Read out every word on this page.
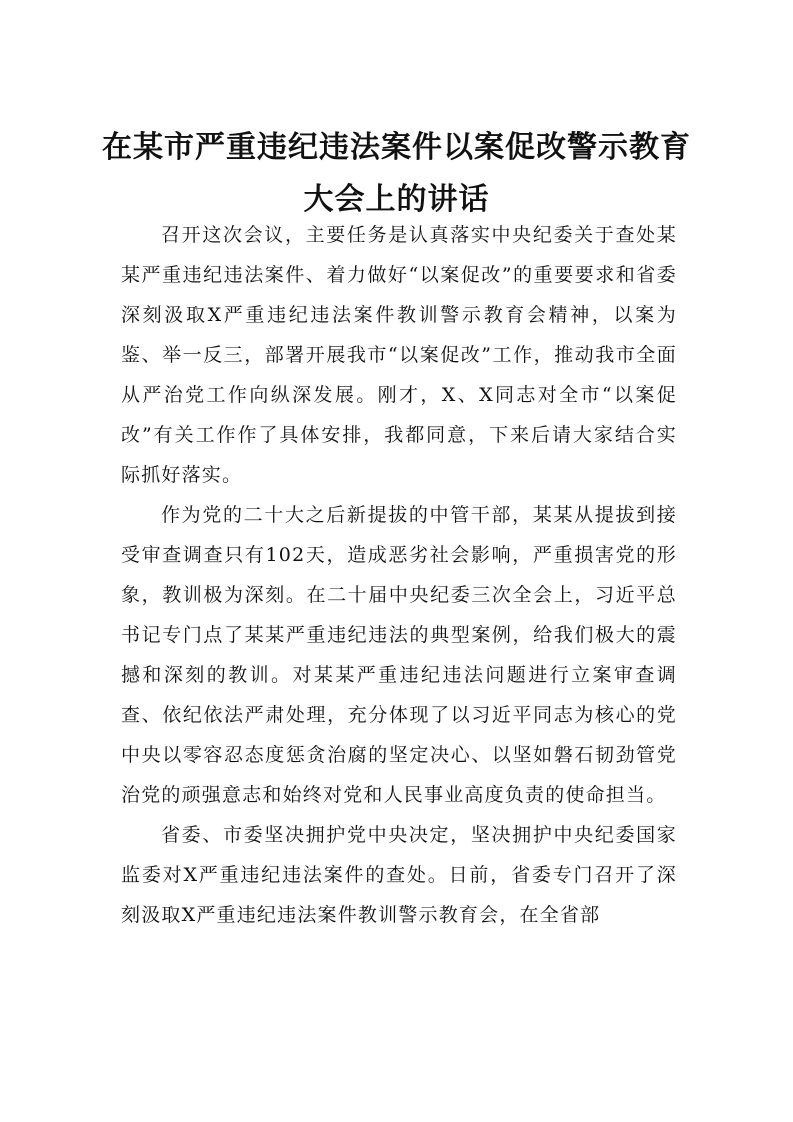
在某市严重违纪违法案件以案促改警示教育大会上的讲话

召开这次会议，主要任务是认真落实中央纪委关于查处某某严重违纪违法案件、着力做好“以案促改”的重要要求和省委深刻汲取X严重违纪违法案件教训警示教育会精神，以案为鉴、举一反三，部署开展我市“以案促改”工作，推动我市全面从严治党工作向纵深发展。刚才，X、X同志对全市“以案促改”有关工作作了具体安排，我都同意，下来后请大家结合实际抓好落实。

作为党的二十大之后新提拔的中管干部，某某从提拔到接受审查调查只有102天，造成恶劣社会影响，严重损害党的形象，教训极为深刻。在二十届中央纪委三次全会上，习近平总书记专门点了某某严重违纪违法的典型案例，给我们极大的震撼和深刻的教训。对某某严重违纪违法问题进行立案审查调查、依纪依法严肃处理，充分体现了以习近平同志为核心的党中央以零容忍态度惩贪治腐的坚定决心、以坚如磐石韧劲管党治党的顽强意志和始终对党和人民事业高度负责的使命担当。

省委、市委坚决拥护党中央决定，坚决拥护中央纪委国家监委对X严重违纪违法案件的查处。日前，省委专门召开了深刻汲取X严重违纪违法案件教训警示教育会，在全省部
